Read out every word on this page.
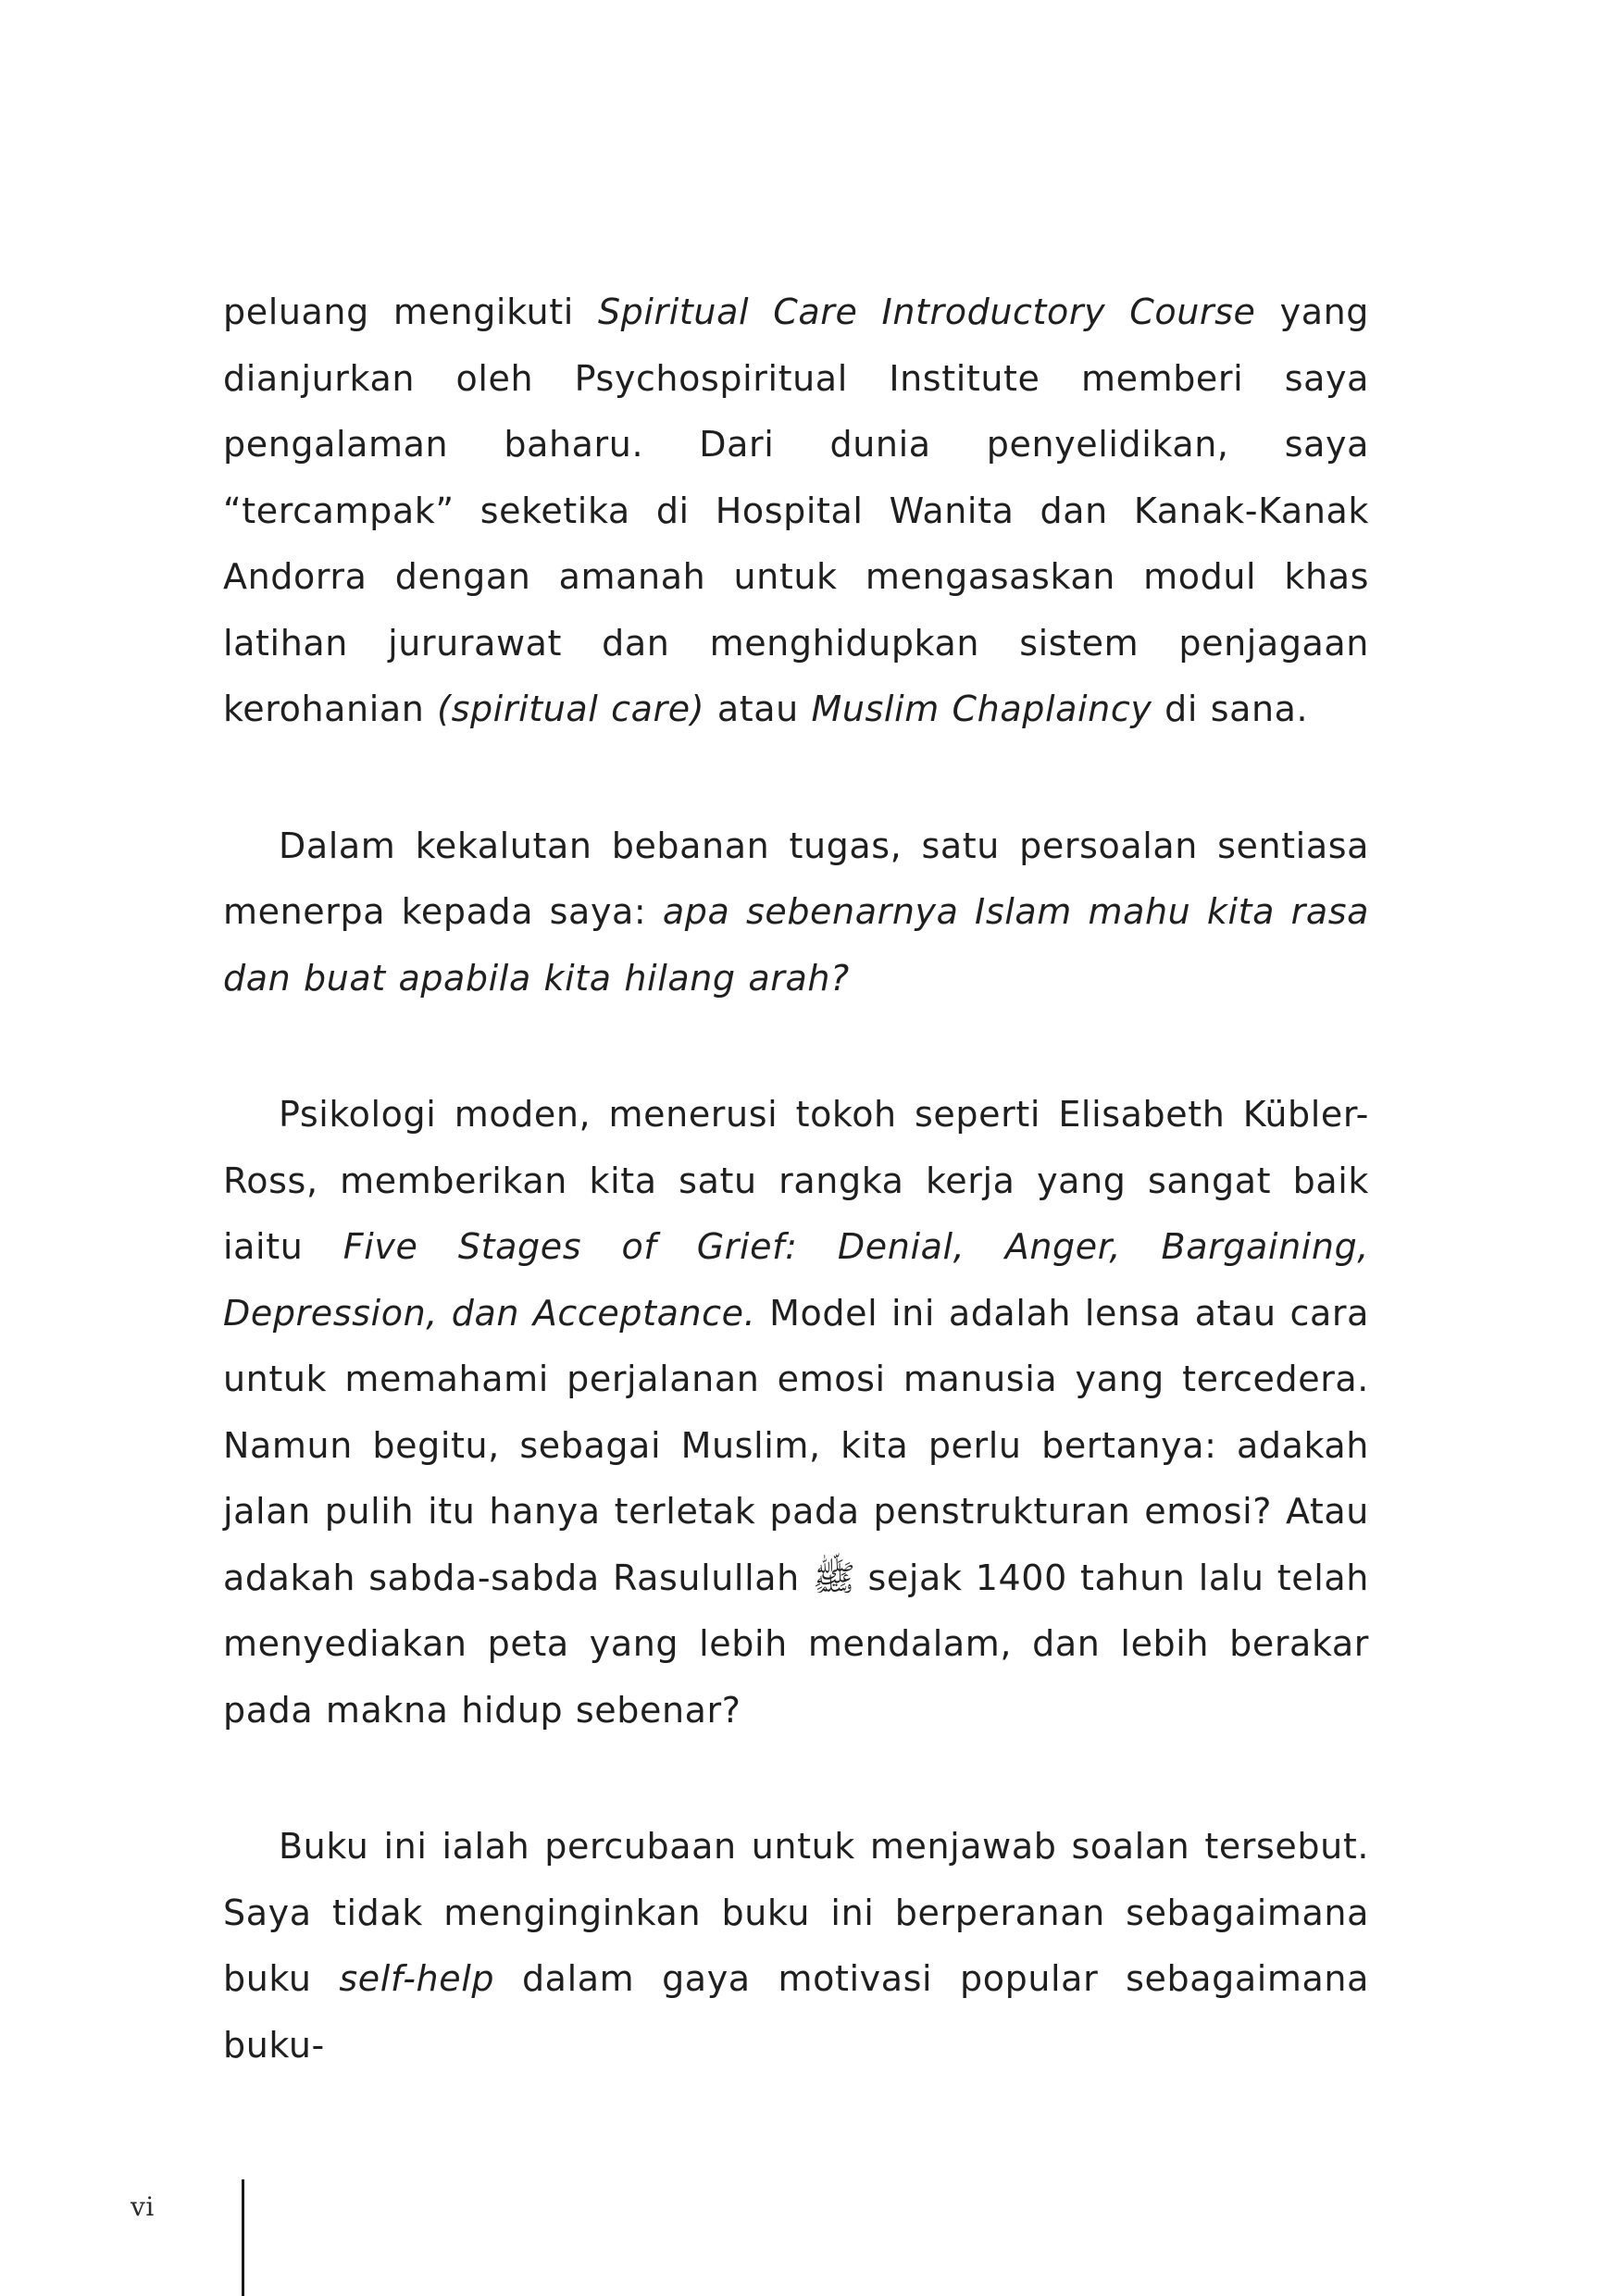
peluang mengikuti Spiritual Care Introductory Course yang dianjurkan oleh Psychospiritual Institute memberi saya pengalaman baharu. Dari dunia penyelidikan, saya “tercampak” seketika di Hospital Wanita dan Kanak-Kanak Andorra dengan amanah untuk mengasaskan modul khas latihan jururawat dan menghidupkan sistem penjagaan kerohanian (spiritual care) atau Muslim Chaplaincy di sana.

Dalam kekalutan bebanan tugas, satu persoalan sentiasa menerpa kepada saya: apa sebenarnya Islam mahu kita rasa dan buat apabila kita hilang arah?

Psikologi moden, menerusi tokoh seperti Elisabeth Kübler-Ross, memberikan kita satu rangka kerja yang sangat baik iaitu Five Stages of Grief: Denial, Anger, Bargaining, Depression, dan Acceptance. Model ini adalah lensa atau cara untuk memahami perjalanan emosi manusia yang tercedera. Namun begitu, sebagai Muslim, kita perlu bertanya: adakah jalan pulih itu hanya terletak pada penstrukturan emosi? Atau adakah sabda-sabda Rasulullah ﷺ sejak 1400 tahun lalu telah menyediakan peta yang lebih mendalam, dan lebih berakar pada makna hidup sebenar?

Buku ini ialah percubaan untuk menjawab soalan tersebut. Saya tidak menginginkan buku ini berperanan sebagaimana buku self-help dalam gaya motivasi popular sebagaimana buku-

vi
